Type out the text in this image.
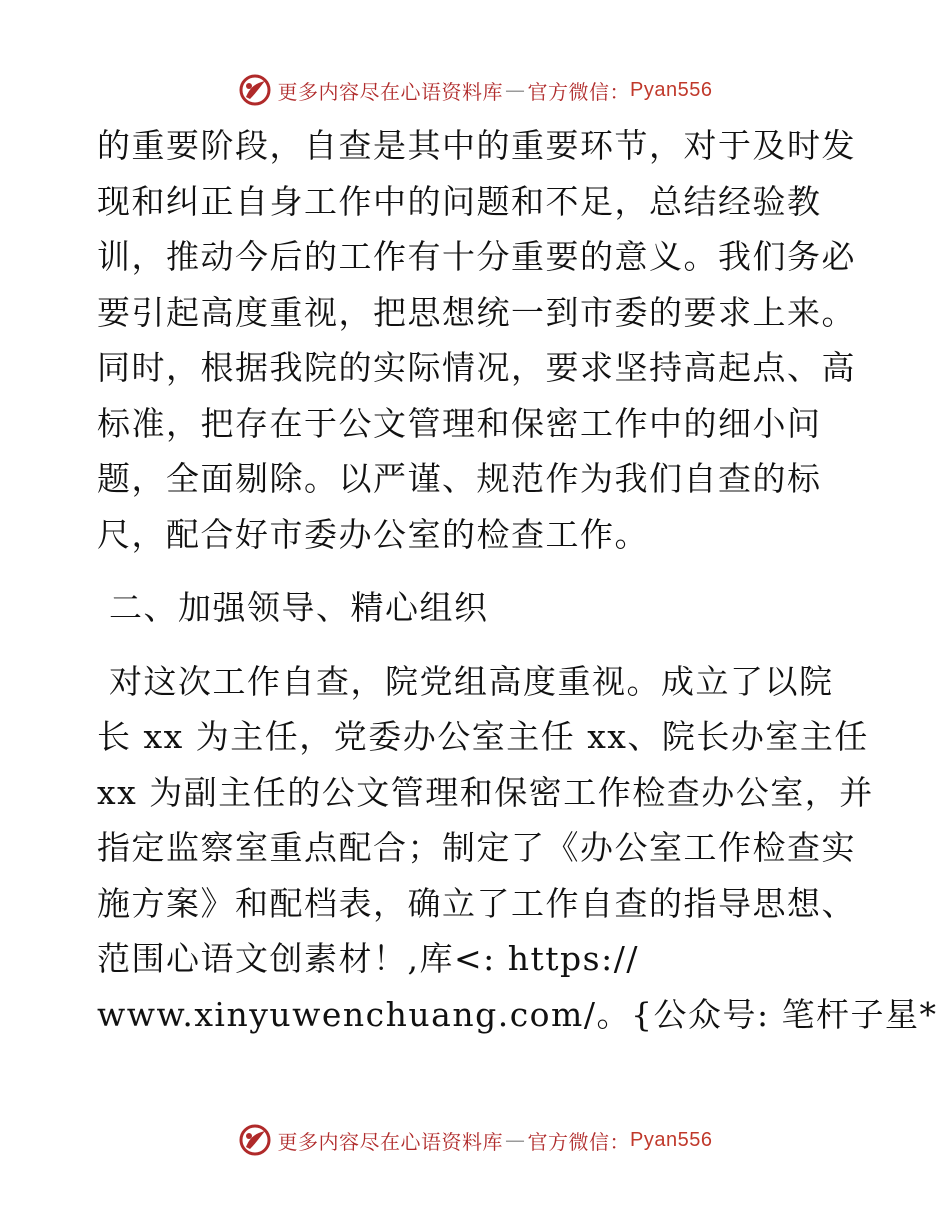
更多内容尽在心语资料库 — 官方微信： Pyan556
的重要阶段，自查是其中的重要环节，对于及时发
现和纠正自身工作中的问题和不足，总结经验教
训，推动今后的工作有十分重要的意义。我们务必
要引起高度重视，把思想统一到市委的要求上来。
同时，根据我院的实际情况，要求坚持高起点、高
标准，把存在于公文管理和保密工作中的细小问
题，全面剔除。以严谨、规范作为我们自查的标
尺，配合好市委办公室的检查工作。
二、加强领导、精心组织
对这次工作自查，院党组高度重视。成立了以院
长 xx 为主任，党委办公室主任 xx、院长办室主任
xx 为副主任的公文管理和保密工作检查办公室，并
指定监察室重点配合；制定了《办公室工作检查实
施方案》和配档表，确立了工作自查的指导思想、
范围心语文创素材！,库<: https://
www.xinyuwenchuang.com/。{公众号: 笔杆子星*
更多内容尽在心语资料库 — 官方微信： Pyan556
